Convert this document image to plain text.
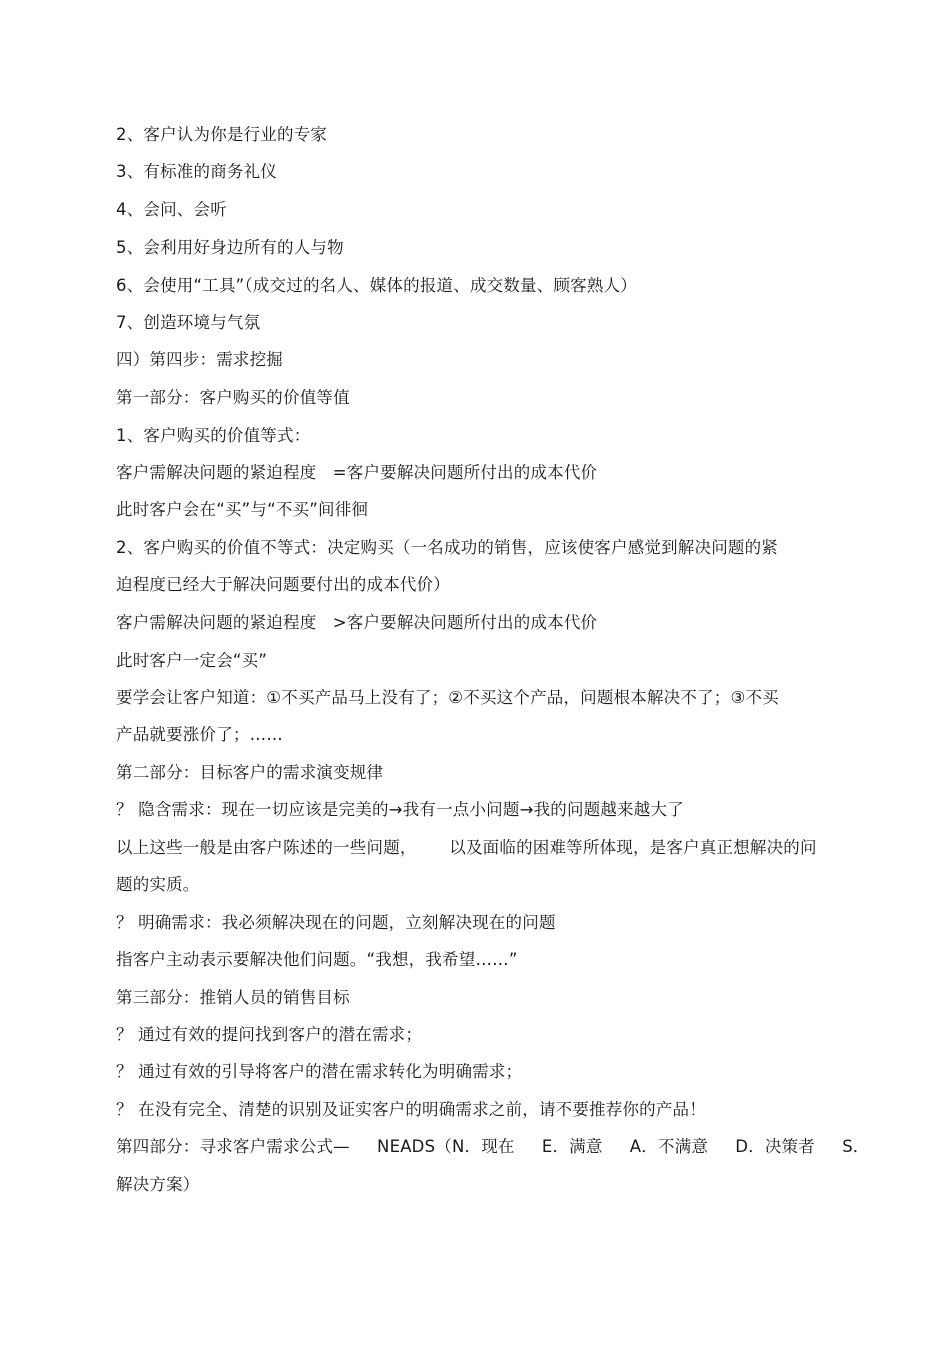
2、客户认为你是行业的专家
3、有标准的商务礼仪
4、会问、会听
5、会利用好身边所有的人与物
6、会使用“工具”（成交过的名人、媒体的报道、成交数量、顾客熟人）
7、创造环境与气氛
四）第四步：需求挖掘
第一部分：客户购买的价值等值
1、客户购买的价值等式：
客户需解决问题的紧迫程度   =客户要解决问题所付出的成本代价
此时客户会在“买”与“不买”间徘徊
2、客户购买的价值不等式：决定购买（一名成功的销售，应该使客户感觉到解决问题的紧
迫程度已经大于解决问题要付出的成本代价）
客户需解决问题的紧迫程度   >客户要解决问题所付出的成本代价
此时客户一定会“买”
要学会让客户知道：①不买产品马上没有了；②不买这个产品，问题根本解决不了；③不买
产品就要涨价了；……
第二部分：目标客户的需求演变规律
？ 隐含需求：现在一切应该是完美的→我有一点小问题→我的问题越来越大了
以上这些一般是由客户陈述的一些问题，      以及面临的困难等所体现，是客户真正想解决的问
题的实质。
？ 明确需求：我必须解决现在的问题，立刻解决现在的问题
指客户主动表示要解决他们问题。“我想，我希望……”
第三部分：推销人员的销售目标
？ 通过有效的提问找到客户的潜在需求；
？ 通过有效的引导将客户的潜在需求转化为明确需求；
？ 在没有完全、清楚的识别及证实客户的明确需求之前，请不要推荐你的产品！
第四部分：寻求客户需求公式—     NEADS（N．现在     E．满意     A．不满意     D．决策者     S．
解决方案）
